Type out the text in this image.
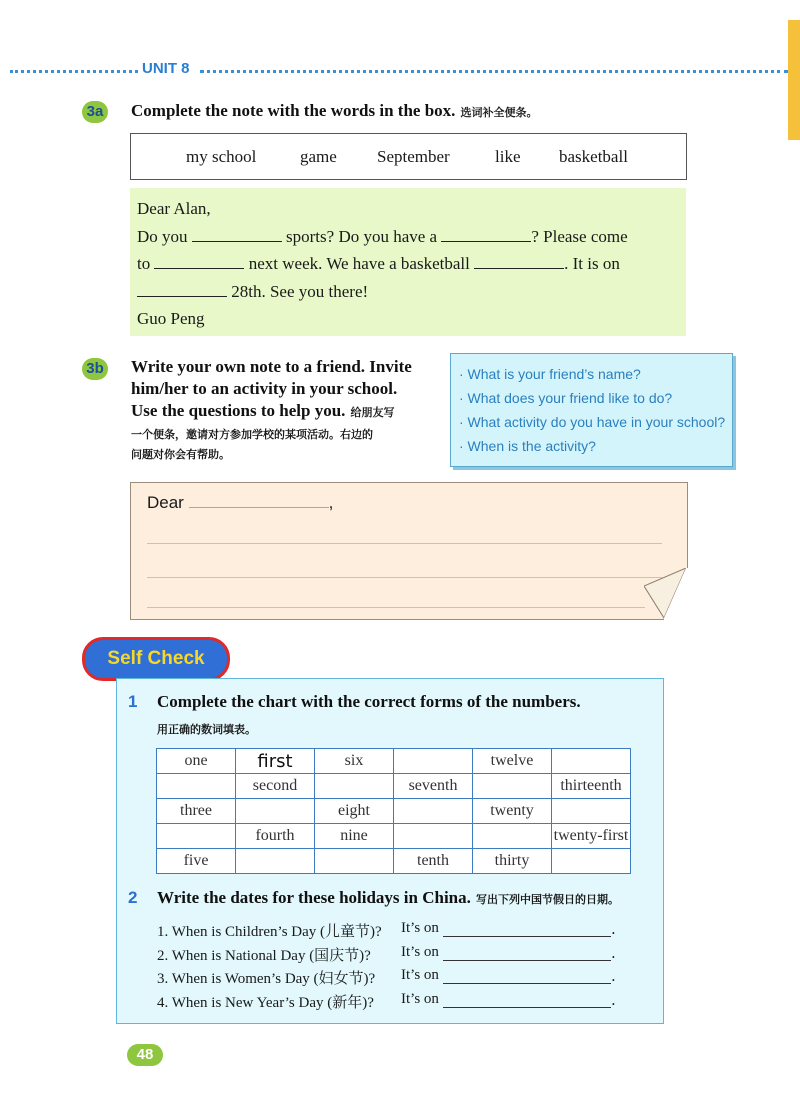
UNIT 8
3a Complete the note with the words in the box. 选词补全便条。
my school	game September	like basketball
Dear Alan,
Do you	sports? Do you have a	? Please come
to	next week. We have a basketball	. It is on
28th. See you there!
Guo Peng
3b Write your own note to a friend. Invite
him/her to an activity in your school.
Use the questions to help you. 给朋友写
一个便条，邀请对方参加学校的某项活动。右边的
问题对你会有帮助。
· What is your friend’s name?
· What does your friend like to do?
· What activity do you have in your school?
· When is the activity?
Dear	,
Self Check
1 Complete the chart with the correct forms of the numbers.
用正确的数词填表。
one	first	six		twelve	
	second		seventh		thirteenth
three		eight		twenty	
	fourth	nine			twenty-first
five			tenth	thirty	
2 Write the dates for these holidays in China. 写出下列中国节假日的日期。
1. When is Children’s Day (儿童节)? It’s on	.
2. When is National Day (国庆节)? It’s on	.
3. When is Women’s Day (妇女节)? It’s on	.
4. When is New Year’s Day (新年)? It’s on	.
48
